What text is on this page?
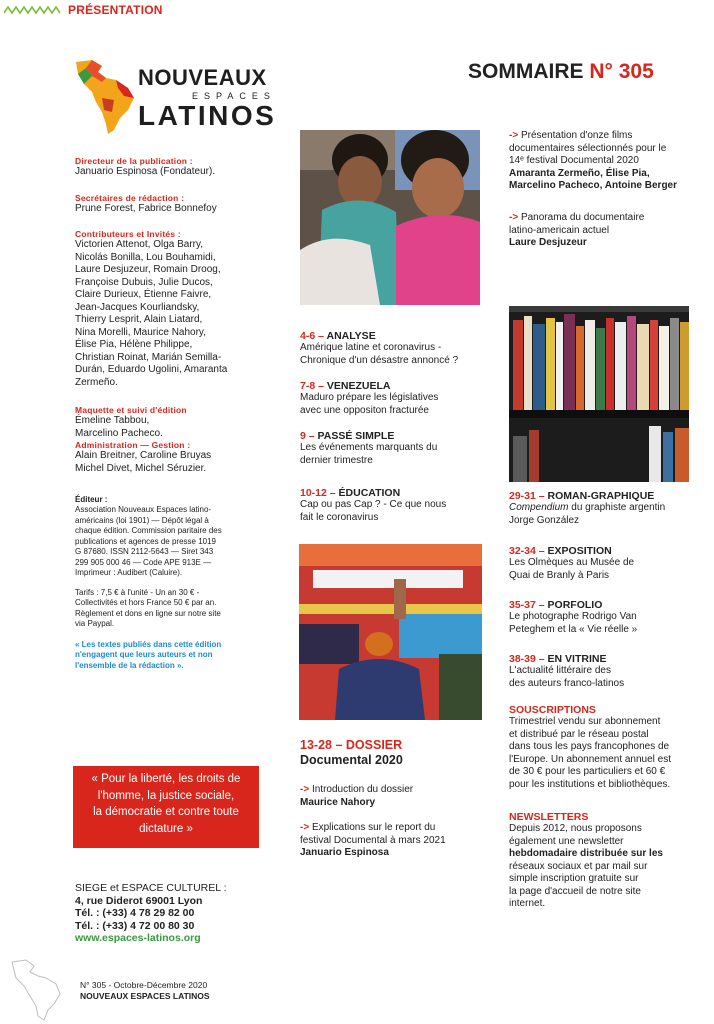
PRÉSENTATION
NOUVEAUX
ESPACES
LATINOS
SOMMAIRE N° 305
Directeur de la publication :
Januario Espinosa (Fondateur).
Secrétaires de rédaction :
Prune Forest, Fabrice Bonnefoy
Contributeurs et Invités :
Victorien Attenot, Olga Barry,
Nicolás Bonilla, Lou Bouhamidi,
Laure Desjuzeur, Romain Droog,
Françoise Dubuis, Julie Ducos,
Claire Durieux, Étienne Faivre,
Jean-Jacques Kourliandsky,
Thierry Lesprit, Alain Liatard,
Nina Morelli, Maurice Nahory,
Élise Pia, Hélène Philippe,
Christian Roinat, Marián Semilla-
Durán, Eduardo Ugolini, Amaranta
Zermeño.
Maquette et suivi d'édition
Émeline Tabbou,
Marcelino Pacheco.
Administration — Gestion :
Alain Breitner, Caroline Bruyas
Michel Divet, Michel Séruzier.
Éditeur :
Association Nouveaux Espaces latino-
américains (loi 1901) — Dépôt légal à
chaque édition. Commission paritaire des
publications et agences de presse 1019
G 87680. ISSN 2112-5643 — Siret 343
299 905 000 46 — Code APE 913E —
Imprimeur : Audibert (Caluire).
Tarifs : 7,5 € à l'unité - Un an 30 € -
Collectivités et hors France 50 € par an.
Règlement et dons en ligne sur notre site
via Paypal.
« Les textes publiés dans cette édition
n'engagent que leurs auteurs et non
l'ensemble de la rédaction ».
« Pour la liberté, les droits de
l'homme, la justice sociale,
la démocratie et contre toute
dictature »
SIEGE et ESPACE CULTUREL :
4, rue Diderot 69001 Lyon
Tél. : (+33) 4 78 29 82 00
Tél. : (+33) 4 72 00 80 30
www.espaces-latinos.org
N° 305 - Octobre-Décembre 2020
NOUVEAUX ESPACES LATINOS
4-6 – ANALYSE
Amérique latine et coronavirus -
Chronique d'un désastre annoncé ?
7-8 – VENEZUELA
Maduro prépare les législatives
avec une oppositon fracturée
9 – PASSÉ SIMPLE
Les événements marquants du
dernier trimestre
10-12 – ÉDUCATION
Cap ou pas Cap ? - Ce que nous
fait le coronavirus
13-28 – DOSSIER
Documental 2020
-> Introduction du dossier
Maurice Nahory
-> Explications sur le report du
festival Documental à mars 2021
Januario Espinosa
-> Présentation d'onze films
documentaires sélectionnés pour le
14ᵉ festival Documental 2020
Amaranta Zermeño, Élise Pia,
Marcelino Pacheco, Antoine Berger
-> Panorama du documentaire
latino-americain actuel
Laure Desjuzeur
29-31 – ROMAN-GRAPHIQUE
Compendium du graphiste argentin
Jorge González
32-34 – EXPOSITION
Les Olmèques au Musée de
Quai de Branly à Paris
35-37 – PORFOLIO
Le photographe Rodrigo Van
Peteghem et la « Vie réelle »
38-39 – EN VITRINE
L'actualité littéraire des
des auteurs franco-latinos
SOUSCRIPTIONS
Trimestriel vendu sur abonnement
et distribué par le réseau postal
dans tous les pays francophones de
l'Europe. Un abonnement annuel est
de 30 € pour les particuliers et 60 €
pour les institutions et bibliothèques.
NEWSLETTERS
Depuis 2012, nous proposons
également une newsletter
hebdomadaire distribuée sur les
réseaux sociaux et par mail sur
simple inscription gratuite sur
la page d'accueil de notre site
internet.
